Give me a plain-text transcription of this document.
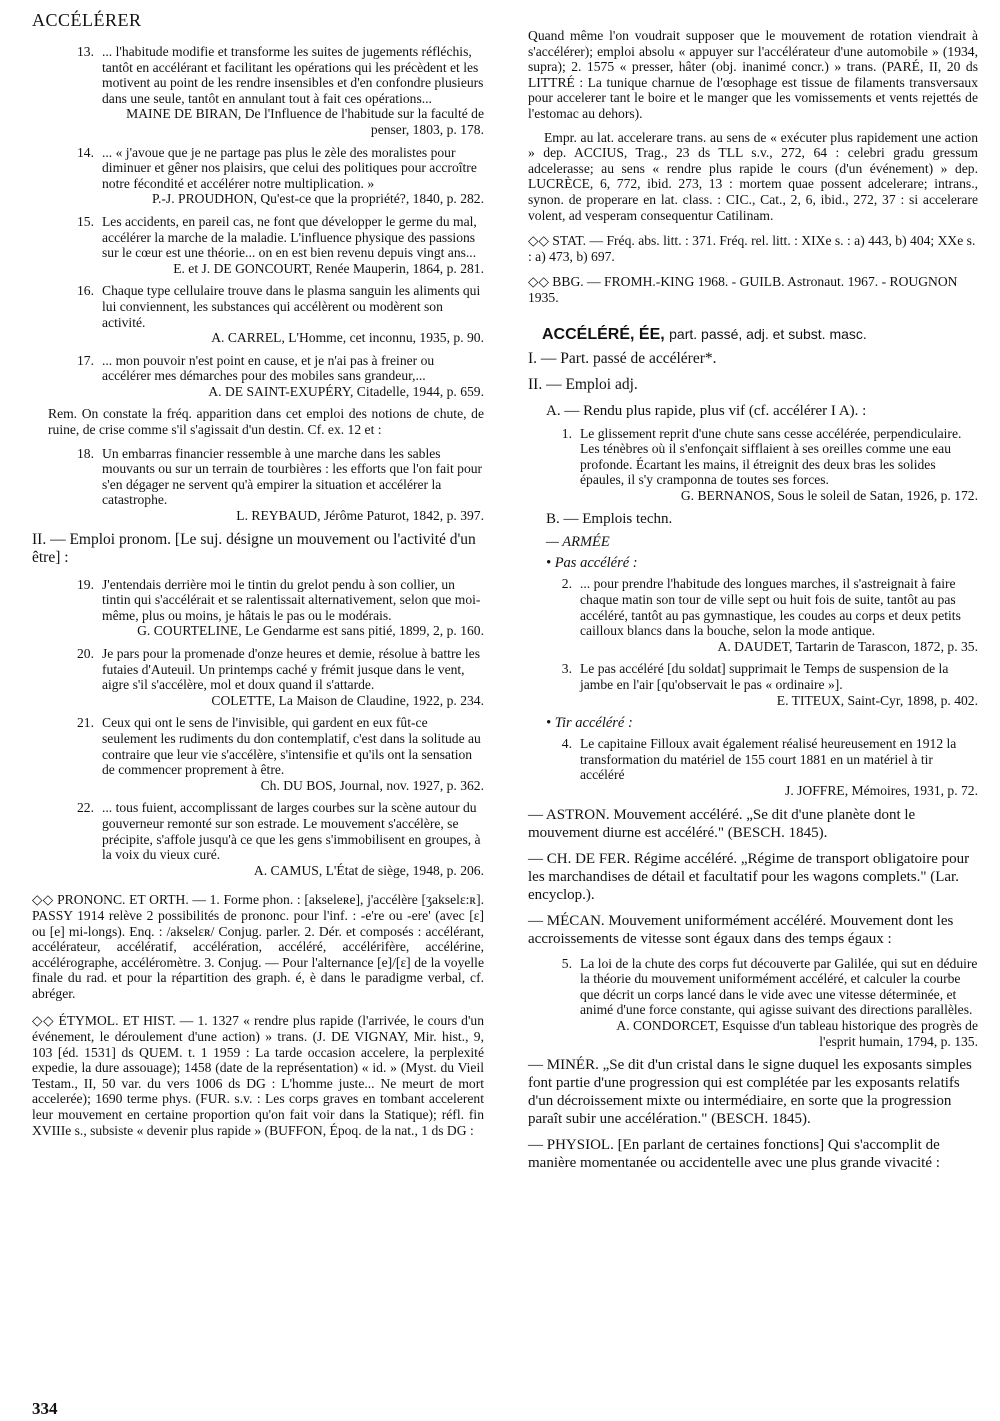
ACCÉLÉRER
13. ... l'habitude modifie et transforme les suites de jugements réfléchis, tantôt en accélérant et facilitant les opérations qui les précèdent et les motivent au point de les rendre insensibles et d'en confondre plusieurs dans une seule, tantôt en annulant tout à fait ces opérations...
MAINE DE BIRAN, De l'Influence de l'habitude sur la faculté de penser, 1803, p. 178.
14. ... « j'avoue que je ne partage pas plus le zèle des moralistes pour diminuer et gêner nos plaisirs, que celui des politiques pour accroître notre fécondité et accélérer notre multiplication. »
P.-J. PROUDHON, Qu'est-ce que la propriété?, 1840, p. 282.
15. Les accidents, en pareil cas, ne font que développer le germe du mal, accélérer la marche de la maladie. L'influence physique des passions sur le cœur est une théorie... on en est bien revenu depuis vingt ans...
E. et J. DE GONCOURT, Renée Mauperin, 1864, p. 281.
16. Chaque type cellulaire trouve dans le plasma sanguin les aliments qui lui conviennent, les substances qui accélèrent ou modèrent son activité.
A. CARREL, L'Homme, cet inconnu, 1935, p. 90.
17. ... mon pouvoir n'est point en cause, et je n'ai pas à freiner ou accélérer mes démarches pour des mobiles sans grandeur,...
A. DE SAINT-EXUPÉRY, Citadelle, 1944, p. 659.
Rem. On constate la fréq. apparition dans cet emploi des notions de chute, de ruine, de crise comme s'il s'agissait d'un destin. Cf. ex. 12 et :
18. Un embarras financier ressemble à une marche dans les sables mouvants ou sur un terrain de tourbières : les efforts que l'on fait pour s'en dégager ne servent qu'à empirer la situation et accélérer la catastrophe.
L. REYBAUD, Jérôme Paturot, 1842, p. 397.
II. — Emploi pronom. [Le suj. désigne un mouvement ou l'activité d'un être] :
19. J'entendais derrière moi le tintin du grelot pendu à son collier, un tintin qui s'accélérait et se ralentissait alternativement, selon que moi-même, plus ou moins, je hâtais le pas ou le modérais.
G. COURTELINE, Le Gendarme est sans pitié, 1899, 2, p. 160.
20. Je pars pour la promenade d'onze heures et demie, résolue à battre les futaies d'Auteuil. Un printemps caché y frémit jusque dans le vent, aigre s'il s'accélère, mol et doux quand il s'attarde.
COLETTE, La Maison de Claudine, 1922, p. 234.
21. Ceux qui ont le sens de l'invisible, qui gardent en eux fût-ce seulement les rudiments du don contemplatif, c'est dans la solitude au contraire que leur vie s'accélère, s'intensifie et qu'ils ont la sensation de commencer proprement à être.
Ch. DU BOS, Journal, nov. 1927, p. 362.
22. ... tous fuient, accomplissant de larges courbes sur la scène autour du gouverneur remonté sur son estrade. Le mouvement s'accélère, se précipite, s'affole jusqu'à ce que les gens s'immobilisent en groupes, à la voix du vieux curé.
A. CAMUS, L'État de siège, 1948, p. 206.
◇◇ PRONONC. ET ORTH. — 1. Forme phon. : [akseleʀe], j'accélère [ʒakselɛ:ʀ]. PASSY 1914 relève 2 possibilités de prononc. pour l'inf. : -e're ou -ere' (avec [ɛ] ou [e] mi-longs). Enq. : /akselɛʀ/ Conjug. parler. 2. Dér. et composés : accélérant, accélérateur, accélératif, accélération, accéléré, accélérifère, accélérine, accélérographe, accéléromètre. 3. Conjug. — Pour l'alternance [e]/[ɛ] de la voyelle finale du rad. et pour la répartition des graph. é, è dans le paradigme verbal, cf. abréger.
◇◇ ÉTYMOL. ET HIST. — 1. 1327 « rendre plus rapide (l'arrivée, le cours d'un événement, le déroulement d'une action) » trans. (J. DE VIGNAY, Mir. hist., 9, 103 [éd. 1531] ds QUEM. t. 1 1959 : La tarde occasion accelere, la perplexité expedie, la dure assouage); 1458 (date de la représentation) « id. » (Myst. du Vieil Testam., II, 50 var. du vers 1006 ds DG : L'homme juste... Ne meurt de mort accelerée); 1690 terme phys. (FUR. s.v. : Les corps graves en tombant accelerent leur mouvement en certaine proportion qu'on fait voir dans la Statique); réfl. fin XVIIIe s., subsiste « devenir plus rapide » (BUFFON, Époq. de la nat., 1 ds DG :
Quand même l'on voudrait supposer que le mouvement de rotation viendrait à s'accélérer); emploi absolu « appuyer sur l'accélérateur d'une automobile » (1934, supra); 2. 1575 « presser, hâter (obj. inanimé concr.) » trans. (PARÉ, II, 20 ds LITTRÉ : La tunique charnue de l'œsophage est tissue de filaments transversaux pour accelerer tant le boire et le manger que les vomissements et vents rejettés de l'estomac au dehors).
Empr. au lat. accelerare trans. au sens de « exécuter plus rapidement une action » dep. ACCIUS, Trag., 23 ds TLL s.v., 272, 64 : celebri gradu gressum adcelerasse; au sens « rendre plus rapide le cours (d'un événement) » dep. LUCRÈCE, 6, 772, ibid. 273, 13 : mortem quae possent adcelerare; intrans., synon. de properare en lat. class. : CIC., Cat., 2, 6, ibid., 272, 37 : si accelerare volent, ad vesperam consequentur Catilinam.
◇◇ STAT. — Fréq. abs. litt. : 371. Fréq. rel. litt. : XIXe s. : a) 443, b) 404; XXe s. : a) 473, b) 697.
◇◇ BBG. — FROMH.-KING 1968. - GUILB. Astronaut. 1967. - ROUGNON 1935.
ACCÉLÉRÉ, ÉE, part. passé, adj. et subst. masc.
I. — Part. passé de accélérer*.
II. — Emploi adj.
A. — Rendu plus rapide, plus vif (cf. accélérer I A). :
1. Le glissement reprit d'une chute sans cesse accélérée, perpendiculaire. Les ténèbres où il s'enfonçait sifflaient à ses oreilles comme une eau profonde. Écartant les mains, il étreignit des deux bras les solides épaules, il s'y cramponna de toutes ses forces.
G. BERNANOS, Sous le soleil de Satan, 1926, p. 172.
B. — Emplois techn.
— ARMÉE
• Pas accéléré :
2. ... pour prendre l'habitude des longues marches, il s'astreignait à faire chaque matin son tour de ville sept ou huit fois de suite, tantôt au pas accéléré, tantôt au pas gymnastique, les coudes au corps et deux petits cailloux blancs dans la bouche, selon la mode antique.
A. DAUDET, Tartarin de Tarascon, 1872, p. 35.
3. Le pas accéléré [du soldat] supprimait le Temps de suspension de la jambe en l'air [qu'observait le pas « ordinaire »].
E. TITEUX, Saint-Cyr, 1898, p. 402.
• Tir accéléré :
4. Le capitaine Filloux avait également réalisé heureusement en 1912 la transformation du matériel de 155 court 1881 en un matériel à tir accéléré
J. JOFFRE, Mémoires, 1931, p. 72.
— ASTRON. Mouvement accéléré. „Se dit d'une planète dont le mouvement diurne est accéléré." (BESCH. 1845).
— CH. DE FER. Régime accéléré. „Régime de transport obligatoire pour les marchandises de détail et facultatif pour les wagons complets." (Lar. encyclop.).
— MÉCAN. Mouvement uniformément accéléré. Mouvement dont les accroissements de vitesse sont égaux dans des temps égaux :
5. La loi de la chute des corps fut découverte par Galilée, qui sut en déduire la théorie du mouvement uniformément accéléré, et calculer la courbe que décrit un corps lancé dans le vide avec une vitesse déterminée, et animé d'une force constante, qui agisse suivant des directions parallèles.
A. CONDORCET, Esquisse d'un tableau historique des progrès de l'esprit humain, 1794, p. 135.
— MINÉR. „Se dit d'un cristal dans le signe duquel les exposants simples font partie d'une progression qui est complétée par les exposants relatifs d'un décroissement mixte ou intermédiaire, en sorte que la progression paraît subir une accélération." (BESCH. 1845).
— PHYSIOL. [En parlant de certaines fonctions] Qui s'accomplit de manière momentanée ou accidentelle avec une plus grande vivacité :
334
